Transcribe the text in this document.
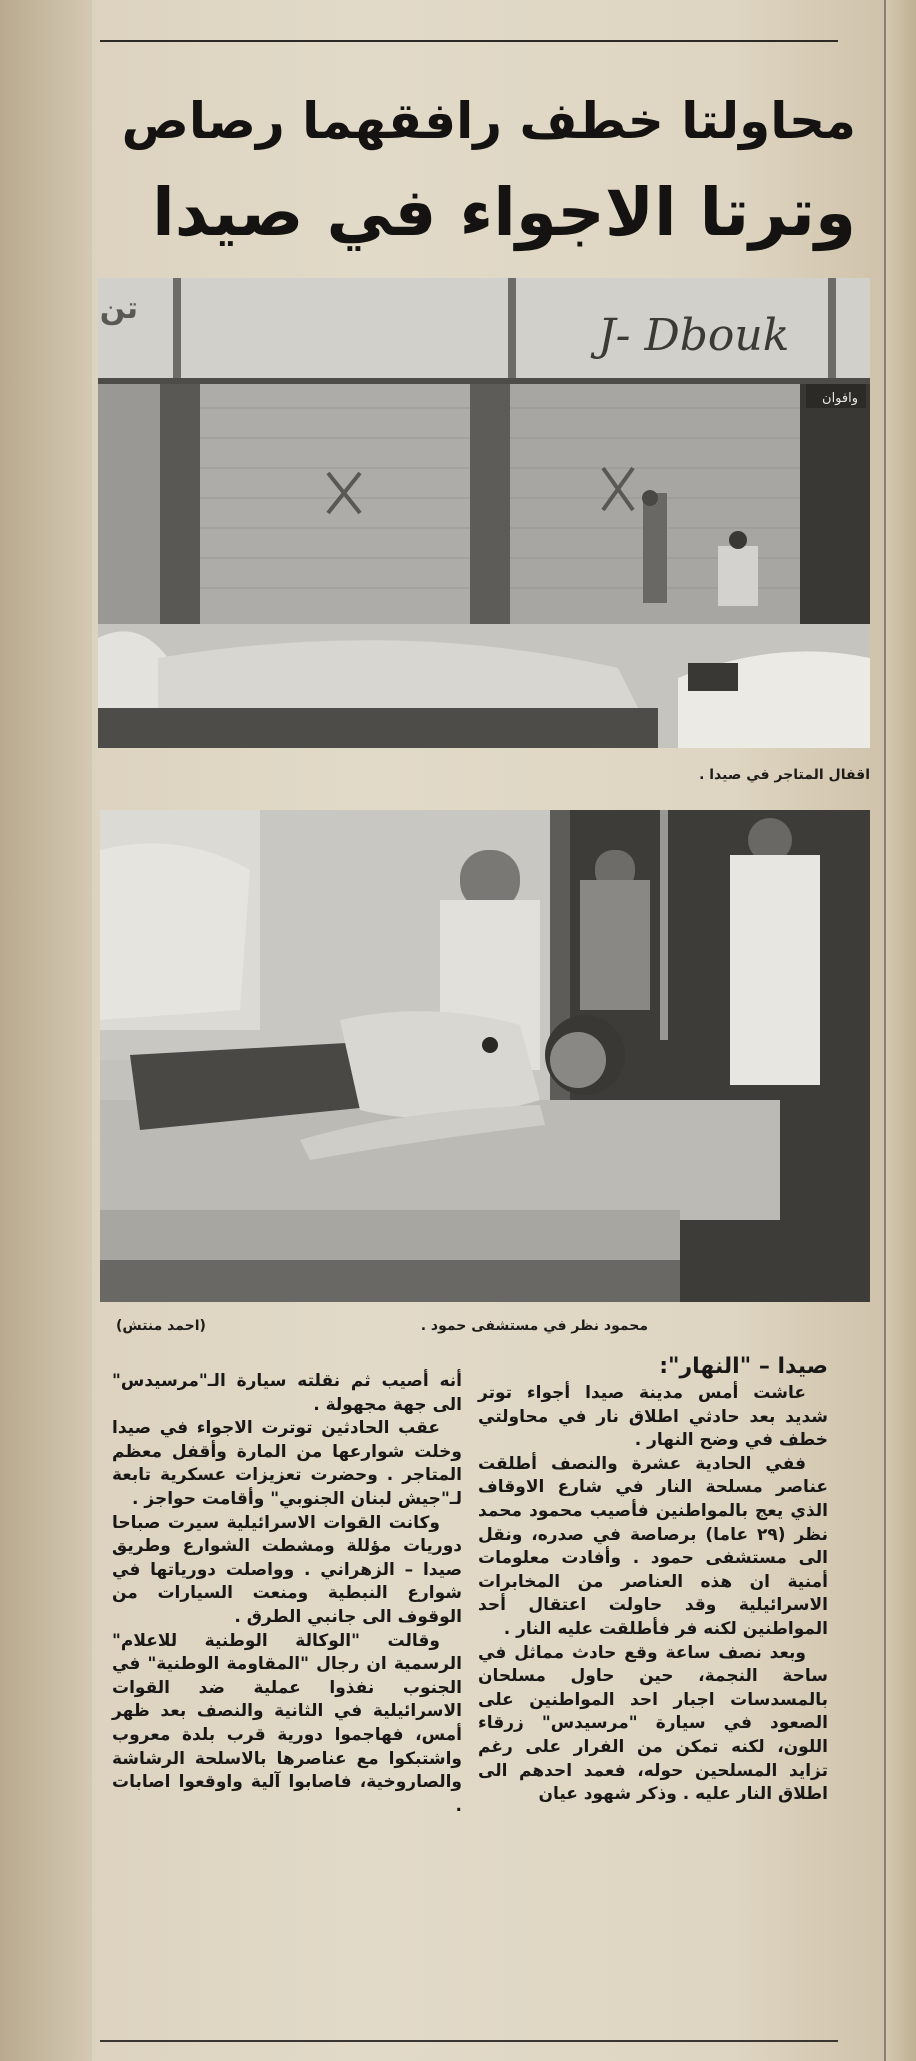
محاولتا خطف رافقهما رصاص
وترتا الاجواء في صيدا
J- Dbouk
تن
وافوان
اقفال المتاجر في صيدا .
محمود نظر في مستشفى حمود .
(احمد منتش)

صيدا – "النهار":

عاشت أمس مدينة صيدا أجواء توتر شديد بعد حادثي اطلاق نار في محاولتي خطف في وضح النهار .

ففي الحادية عشرة والنصف أطلقت عناصر مسلحة النار في شارع الاوقاف الذي يعج بالمواطنين فأصيب محمود محمد نظر (٢٩ عاما) برصاصة في صدره، ونقل الى مستشفى حمود . وأفادت معلومات أمنية ان هذه العناصر من المخابرات الاسرائيلية وقد حاولت اعتقال أحد المواطنين لكنه فر فأطلقت عليه النار .

وبعد نصف ساعة وقع حادث مماثل في ساحة النجمة، حين حاول مسلحان بالمسدسات اجبار احد المواطنين على الصعود في سيارة "مرسيدس" زرقاء اللون، لكنه تمكن من الفرار على رغم تزايد المسلحين حوله، فعمد احدهم الى اطلاق النار عليه . وذكر شهود عيان

أنه أصيب ثم نقلته سيارة الـ"مرسيدس" الى جهة مجهولة .

عقب الحادثين توترت الاجواء في صيدا وخلت شوارعها من المارة وأقفل معظم المتاجر . وحضرت تعزيزات عسكرية تابعة لـ"جيش لبنان الجنوبي" وأقامت حواجز .

وكانت القوات الاسرائيلية سيرت صباحا دوريات مؤللة ومشطت الشوارع وطريق صيدا – الزهراني . وواصلت دورياتها في شوارع النبطية ومنعت السيارات من الوقوف الى جانبي الطرق .

وقالت "الوكالة الوطنية للاعلام" الرسمية ان رجال "المقاومة الوطنية" في الجنوب نفذوا عملية ضد القوات الاسرائيلية في الثانية والنصف بعد ظهر أمس، فهاجموا دورية قرب بلدة معروب واشتبكوا مع عناصرها بالاسلحة الرشاشة والصاروخية، فاصابوا آلية واوقعوا اصابات .
